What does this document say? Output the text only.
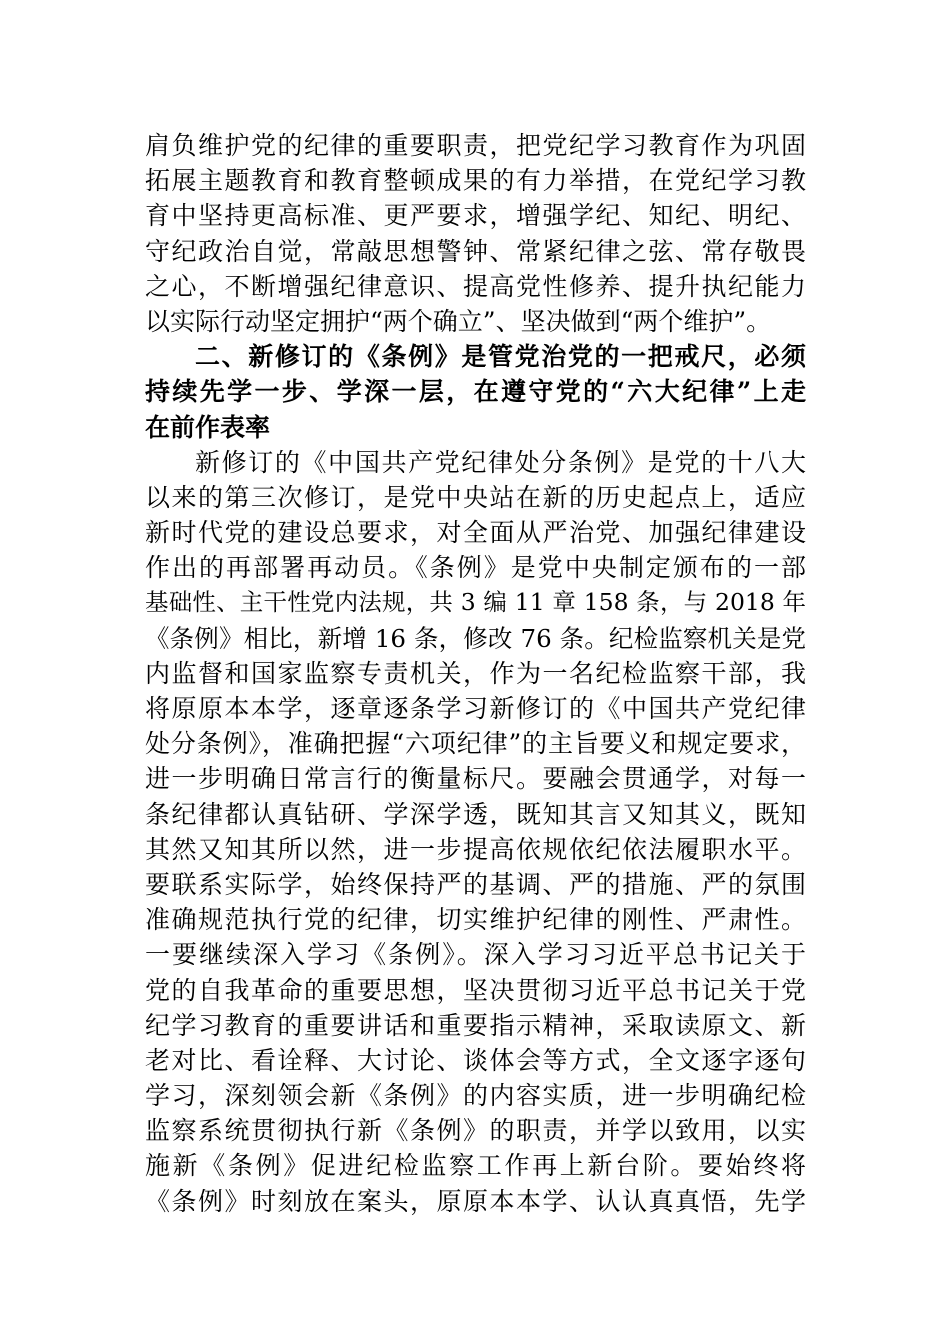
肩负维护党的纪律的重要职责，把党纪学习教育作为巩固
拓展主题教育和教育整顿成果的有力举措，在党纪学习教
育中坚持更高标准、更严要求，增强学纪、知纪、明纪、
守纪政治自觉，常敲思想警钟、常紧纪律之弦、常存敬畏
之心，不断增强纪律意识、提高党性修养、提升执纪能力
以实际行动坚定拥护“两个确立”、坚决做到“两个维护”。
二、新修订的《条例》是管党治党的一把戒尺，必须
持续先学一步、学深一层，在遵守党的“六大纪律”上走
在前作表率
新修订的《中国共产党纪律处分条例》是党的十八大
以来的第三次修订，是党中央站在新的历史起点上，适应
新时代党的建设总要求，对全面从严治党、加强纪律建设
作出的再部署再动员。《条例》是党中央制定颁布的一部
基础性、主干性党内法规，共 3 编 11 章 158 条，与 2018 年
《条例》相比，新增 16 条，修改 76 条。纪检监察机关是党
内监督和国家监察专责机关，作为一名纪检监察干部，我
将原原本本学，逐章逐条学习新修订的《中国共产党纪律
处分条例》，准确把握“六项纪律”的主旨要义和规定要求，
进一步明确日常言行的衡量标尺。要融会贯通学，对每一
条纪律都认真钻研、学深学透，既知其言又知其义，既知
其然又知其所以然，进一步提高依规依纪依法履职水平。
要联系实际学，始终保持严的基调、严的措施、严的氛围
准确规范执行党的纪律，切实维护纪律的刚性、严肃性。
一要继续深入学习《条例》。深入学习习近平总书记关于
党的自我革命的重要思想，坚决贯彻习近平总书记关于党
纪学习教育的重要讲话和重要指示精神，采取读原文、新
老对比、看诠释、大讨论、谈体会等方式，全文逐字逐句
学习，深刻领会新《条例》的内容实质，进一步明确纪检
监察系统贯彻执行新《条例》的职责，并学以致用，以实
施新《条例》促进纪检监察工作再上新台阶。要始终将
《条例》时刻放在案头，原原本本学、认认真真悟，先学
